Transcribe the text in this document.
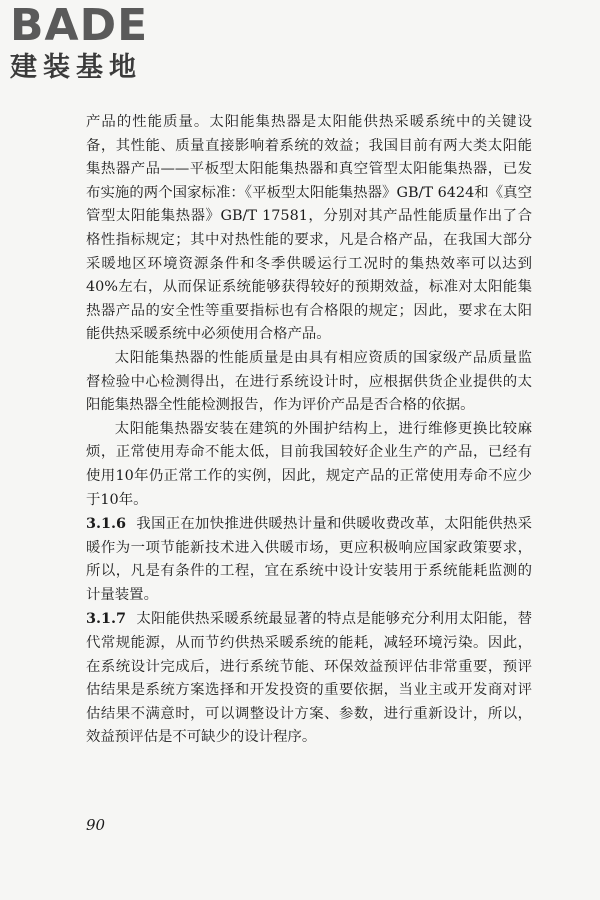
BADE
建装基地

产品的性能质量。太阳能集热器是太阳能供热采暖系统中的关键设备，其性能、质量直接影响着系统的效益；我国目前有两大类太阳能集热器产品——平板型太阳能集热器和真空管型太阳能集热器，已发布实施的两个国家标准：《平板型太阳能集热器》GB/T 6424和《真空管型太阳能集热器》GB/T 17581，分别对其产品性能质量作出了合格性指标规定；其中对热性能的要求，凡是合格产品，在我国大部分采暖地区环境资源条件和冬季供暖运行工况时的集热效率可以达到40%左右，从而保证系统能够获得较好的预期效益，标准对太阳能集热器产品的安全性等重要指标也有合格限的规定；因此，要求在太阳能供热采暖系统中必须使用合格产品。

太阳能集热器的性能质量是由具有相应资质的国家级产品质量监督检验中心检测得出，在进行系统设计时，应根据供货企业提供的太阳能集热器全性能检测报告，作为评价产品是否合格的依据。

太阳能集热器安装在建筑的外围护结构上，进行维修更换比较麻烦，正常使用寿命不能太低，目前我国较好企业生产的产品，已经有使用10年仍正常工作的实例，因此，规定产品的正常使用寿命不应少于10年。

3.1.6 我国正在加快推进供暖热计量和供暖收费改革，太阳能供热采暖作为一项节能新技术进入供暖市场，更应积极响应国家政策要求，所以，凡是有条件的工程，宜在系统中设计安装用于系统能耗监测的计量装置。

3.1.7 太阳能供热采暖系统最显著的特点是能够充分利用太阳能，替代常规能源，从而节约供热采暖系统的能耗，减轻环境污染。因此，在系统设计完成后，进行系统节能、环保效益预评估非常重要，预评估结果是系统方案选择和开发投资的重要依据，当业主或开发商对评估结果不满意时，可以调整设计方案、参数，进行重新设计，所以，效益预评估是不可缺少的设计程序。

90
